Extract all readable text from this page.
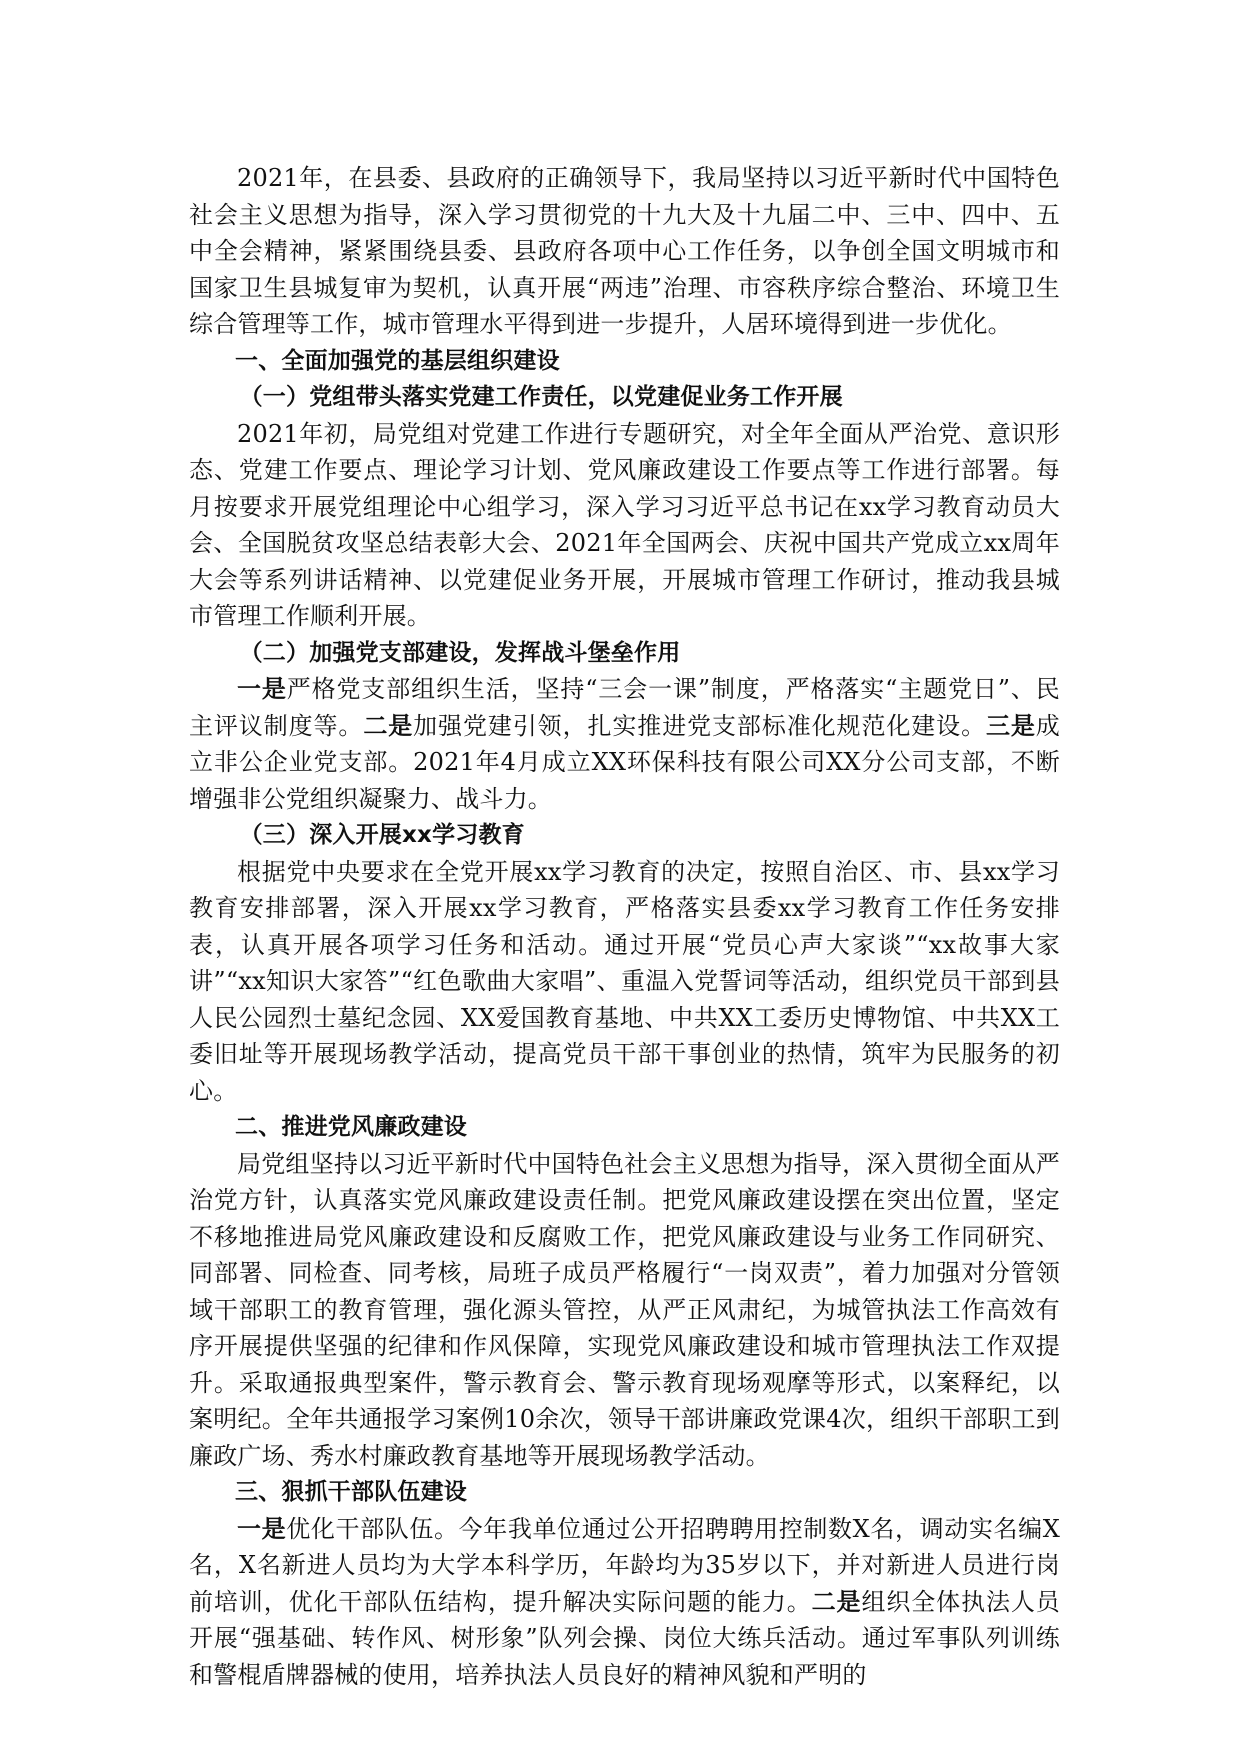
2021年，在县委、县政府的正确领导下，我局坚持以习近平新时代中国特色社会主义思想为指导，深入学习贯彻党的十九大及十九届二中、三中、四中、五中全会精神，紧紧围绕县委、县政府各项中心工作任务，以争创全国文明城市和国家卫生县城复审为契机，认真开展“两违”治理、市容秩序综合整治、环境卫生综合管理等工作，城市管理水平得到进一步提升，人居环境得到进一步优化。

一、全面加强党的基层组织建设

（一）党组带头落实党建工作责任，以党建促业务工作开展

2021年初，局党组对党建工作进行专题研究，对全年全面从严治党、意识形态、党建工作要点、理论学习计划、党风廉政建设工作要点等工作进行部署。每月按要求开展党组理论中心组学习，深入学习习近平总书记在xx学习教育动员大会、全国脱贫攻坚总结表彰大会、2021年全国两会、庆祝中国共产党成立xx周年大会等系列讲话精神、以党建促业务开展，开展城市管理工作研讨，推动我县城市管理工作顺利开展。

（二）加强党支部建设，发挥战斗堡垒作用

一是严格党支部组织生活，坚持“三会一课”制度，严格落实“主题党日”、民主评议制度等。二是加强党建引领，扎实推进党支部标准化规范化建设。三是成立非公企业党支部。2021年4月成立XX环保科技有限公司XX分公司支部，不断增强非公党组织凝聚力、战斗力。

（三）深入开展xx学习教育

根据党中央要求在全党开展xx学习教育的决定，按照自治区、市、县xx学习教育安排部署，深入开展xx学习教育，严格落实县委xx学习教育工作任务安排表，认真开展各项学习任务和活动。通过开展“党员心声大家谈”“xx故事大家讲”“xx知识大家答”“红色歌曲大家唱”、重温入党誓词等活动，组织党员干部到县人民公园烈士墓纪念园、XX爱国教育基地、中共XX工委历史博物馆、中共XX工委旧址等开展现场教学活动，提高党员干部干事创业的热情，筑牢为民服务的初心。

二、推进党风廉政建设

局党组坚持以习近平新时代中国特色社会主义思想为指导，深入贯彻全面从严治党方针，认真落实党风廉政建设责任制。把党风廉政建设摆在突出位置，坚定不移地推进局党风廉政建设和反腐败工作，把党风廉政建设与业务工作同研究、同部署、同检查、同考核，局班子成员严格履行“一岗双责”，着力加强对分管领域干部职工的教育管理，强化源头管控，从严正风肃纪，为城管执法工作高效有序开展提供坚强的纪律和作风保障，实现党风廉政建设和城市管理执法工作双提升。采取通报典型案件，警示教育会、警示教育现场观摩等形式，以案释纪，以案明纪。全年共通报学习案例10余次，领导干部讲廉政党课4次，组织干部职工到廉政广场、秀水村廉政教育基地等开展现场教学活动。

三、狠抓干部队伍建设

一是优化干部队伍。今年我单位通过公开招聘聘用控制数X名，调动实名编X名，X名新进人员均为大学本科学历，年龄均为35岁以下，并对新进人员进行岗前培训，优化干部队伍结构，提升解决实际问题的能力。二是组织全体执法人员开展“强基础、转作风、树形象”队列会操、岗位大练兵活动。通过军事队列训练和警棍盾牌器械的使用，培养执法人员良好的精神风貌和严明的
